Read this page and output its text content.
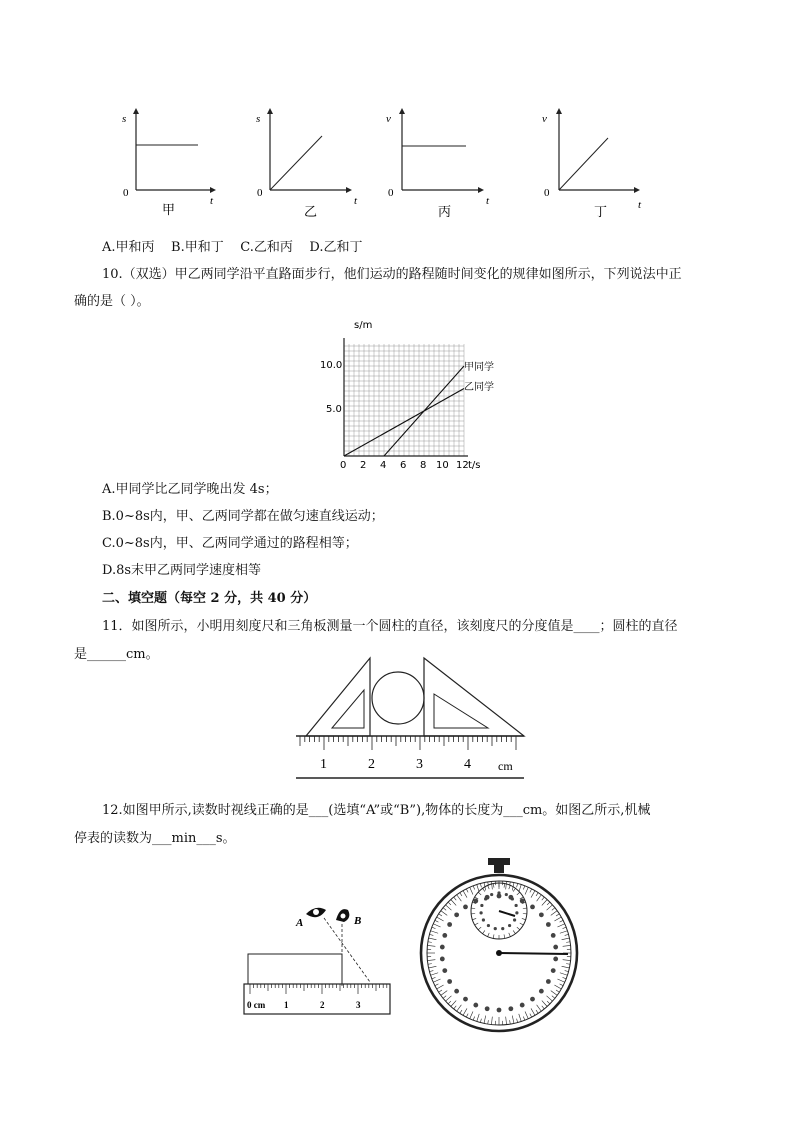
s
0
t
甲
s
0
t
乙
v
0
t
丙
v
0
t
丁
A.甲和丙    B.甲和丁    C.乙和丙    D.乙和丁
10.（双选）甲乙两同学沿平直路面步行，他们运动的路程随时间变化的规律如图所示，下列说法中正
确的是（ ）。
s/m
t/s
10.0
5.0
0 2 4 6 8 10 12
甲同学
乙同学
A.甲同学比乙同学晚出发 4s；
B.0~8s内，甲、乙两同学都在做匀速直线运动；
C.0~8s内，甲、乙两同学通过的路程相等；
D.8s末甲乙两同学速度相等
二、填空题（每空 2 分，共 40 分）
11．如图所示，小明用刻度尺和三角板测量一个圆柱的直径，该刻度尺的分度值是____；圆柱的直径
是______cm。
1	2	3	4 cm
12.如图甲所示,读数时视线正确的是___(选填“A”或“B”),物体的长度为___cm。如图乙所示,机械
停表的读数为___min___s。
A	B
0 cm 1	2	3
